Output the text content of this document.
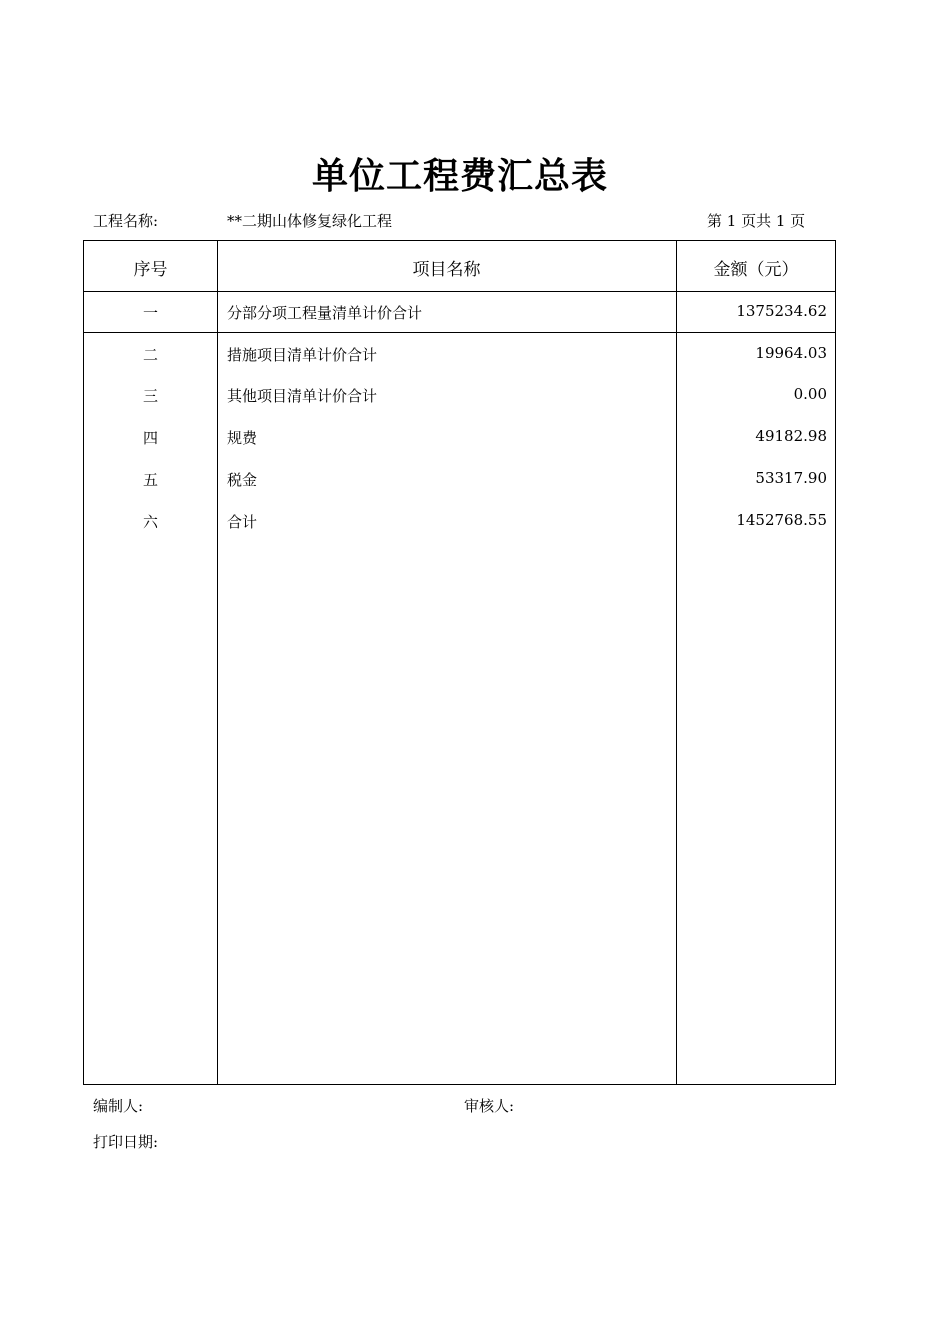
单位工程费汇总表
工程名称:	**二期山体修复绿化工程	第 1 页共 1 页
序号	项目名称	金额（元）
一	分部分项工程量清单计价合计	1375234.62
二	措施项目清单计价合计	19964.03
三	其他项目清单计价合计	0.00
四	规费	49182.98
五	税金	53317.90
六	合计	1452768.55
编制人:	审核人:
打印日期:
